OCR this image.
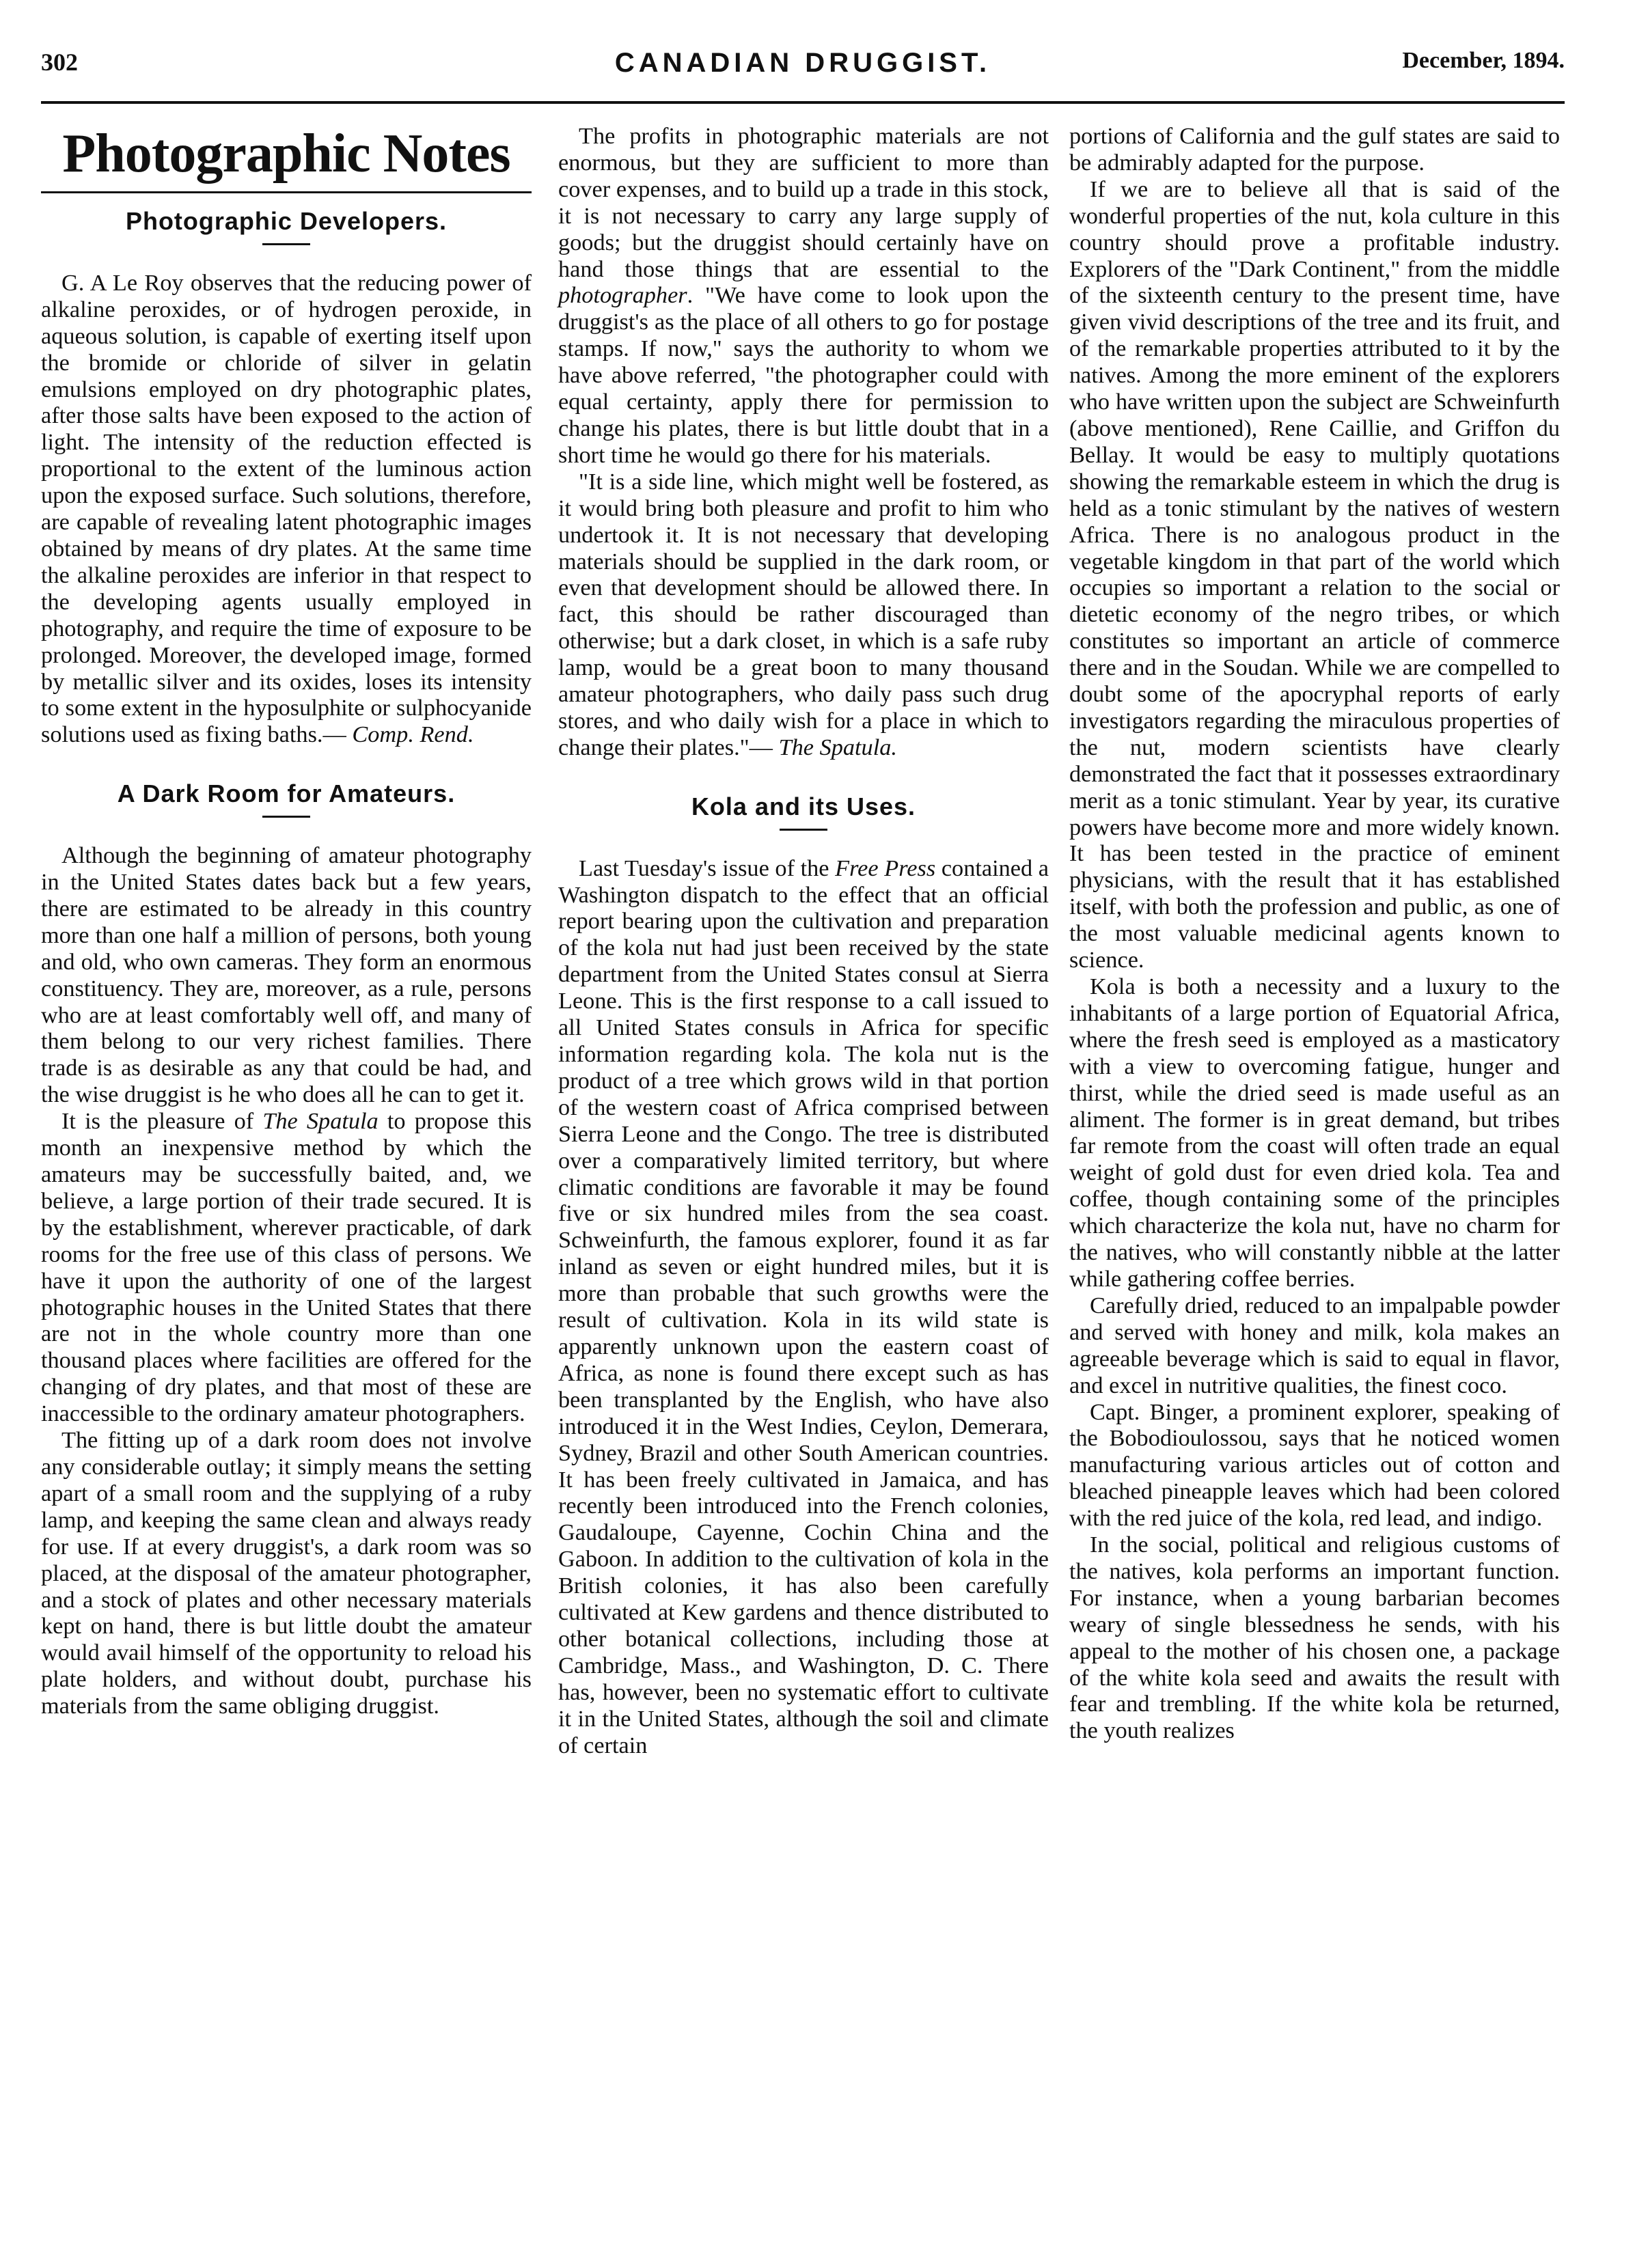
302	CANADIAN DRUGGIST.	December, 1894.
Photographic Notes
Photographic Developers.

G. A Le Roy observes that the reducing power of alkaline peroxides, or of hydrogen peroxide, in aqueous solution, is capable of exerting itself upon the bromide or chloride of silver in gelatin emulsions employed on dry photographic plates, after those salts have been exposed to the action of light. The intensity of the reduction effected is proportional to the extent of the luminous action upon the exposed surface. Such solutions, therefore, are capable of revealing latent photographic images obtained by means of dry plates. At the same time the alkaline peroxides are inferior in that respect to the developing agents usually employed in photography, and require the time of exposure to be prolonged. Moreover, the developed image, formed by metallic silver and its oxides, loses its intensity to some extent in the hyposulphite or sulphocyanide solutions used as fixing baths.— Comp. Rend.

A Dark Room for Amateurs.

Although the beginning of amateur photography in the United States dates back but a few years, there are estimated to be already in this country more than one half a million of persons, both young and old, who own cameras. They form an enormous constituency. They are, moreover, as a rule, persons who are at least comfortably well off, and many of them belong to our very richest families. There trade is as desirable as any that could be had, and the wise druggist is he who does all he can to get it.

It is the pleasure of The Spatula to propose this month an inexpensive method by which the amateurs may be successfully baited, and, we believe, a large portion of their trade secured. It is by the establishment, wherever practicable, of dark rooms for the free use of this class of persons. We have it upon the authority of one of the largest photographic houses in the United States that there are not in the whole country more than one thousand places where facilities are offered for the changing of dry plates, and that most of these are inaccessible to the ordinary amateur photographers.

The fitting up of a dark room does not involve any considerable outlay; it simply means the setting apart of a small room and the supplying of a ruby lamp, and keeping the same clean and always ready for use. If at every druggist's, a dark room was so placed, at the disposal of the amateur photographer, and a stock of plates and other necessary materials kept on hand, there is but little doubt the amateur would avail himself of the opportunity to reload his plate holders, and without doubt, purchase his materials from the same obliging druggist.

The profits in photographic materials are not enormous, but they are sufficient to more than cover expenses, and to build up a trade in this stock, it is not necessary to carry any large supply of goods; but the druggist should certainly have on hand those things that are essential to the photographer. "We have come to look upon the druggist's as the place of all others to go for postage stamps. If now," says the authority to whom we have above referred, "the photographer could with equal certainty, apply there for permission to change his plates, there is but little doubt that in a short time he would go there for his materials.

"It is a side line, which might well be fostered, as it would bring both pleasure and profit to him who undertook it. It is not necessary that developing materials should be supplied in the dark room, or even that development should be allowed there. In fact, this should be rather discouraged than otherwise; but a dark closet, in which is a safe ruby lamp, would be a great boon to many thousand amateur photographers, who daily pass such drug stores, and who daily wish for a place in which to change their plates."— The Spatula.

Kola and its Uses.

Last Tuesday's issue of the Free Press contained a Washington dispatch to the effect that an official report bearing upon the cultivation and preparation of the kola nut had just been received by the state department from the United States consul at Sierra Leone. This is the first response to a call issued to all United States consuls in Africa for specific information regarding kola. The kola nut is the product of a tree which grows wild in that portion of the western coast of Africa comprised between Sierra Leone and the Congo. The tree is distributed over a comparatively limited territory, but where climatic conditions are favorable it may be found five or six hundred miles from the sea coast. Schweinfurth, the famous explorer, found it as far inland as seven or eight hundred miles, but it is more than probable that such growths were the result of cultivation. Kola in its wild state is apparently unknown upon the eastern coast of Africa, as none is found there except such as has been transplanted by the English, who have also introduced it in the West Indies, Ceylon, Demerara, Sydney, Brazil and other South American countries. It has been freely cultivated in Jamaica, and has recently been introduced into the French colonies, Gaudaloupe, Cayenne, Cochin China and the Gaboon. In addition to the cultivation of kola in the British colonies, it has also been carefully cultivated at Kew gardens and thence distributed to other botanical collections, including those at Cambridge, Mass., and Washington, D. C. There has, however, been no systematic effort to cultivate it in the United States, although the soil and climate of certain

portions of California and the gulf states are said to be admirably adapted for the purpose.

If we are to believe all that is said of the wonderful properties of the nut, kola culture in this country should prove a profitable industry. Explorers of the "Dark Continent," from the middle of the sixteenth century to the present time, have given vivid descriptions of the tree and its fruit, and of the remarkable properties attributed to it by the natives. Among the more eminent of the explorers who have written upon the subject are Schweinfurth (above mentioned), Rene Caillie, and Griffon du Bellay. It would be easy to multiply quotations showing the remarkable esteem in which the drug is held as a tonic stimulant by the natives of western Africa. There is no analogous product in the vegetable kingdom in that part of the world which occupies so important a relation to the social or dietetic economy of the negro tribes, or which constitutes so important an article of commerce there and in the Soudan. While we are compelled to doubt some of the apocryphal reports of early investigators regarding the miraculous properties of the nut, modern scientists have clearly demonstrated the fact that it possesses extraordinary merit as a tonic stimulant. Year by year, its curative powers have become more and more widely known. It has been tested in the practice of eminent physicians, with the result that it has established itself, with both the profession and public, as one of the most valuable medicinal agents known to science.

Kola is both a necessity and a luxury to the inhabitants of a large portion of Equatorial Africa, where the fresh seed is employed as a masticatory with a view to overcoming fatigue, hunger and thirst, while the dried seed is made useful as an aliment. The former is in great demand, but tribes far remote from the coast will often trade an equal weight of gold dust for even dried kola. Tea and coffee, though containing some of the principles which characterize the kola nut, have no charm for the natives, who will constantly nibble at the latter while gathering coffee berries.

Carefully dried, reduced to an impalpable powder and served with honey and milk, kola makes an agreeable beverage which is said to equal in flavor, and excel in nutritive qualities, the finest coco.

Capt. Binger, a prominent explorer, speaking of the Bobodioulossou, says that he noticed women manufacturing various articles out of cotton and bleached pineapple leaves which had been colored with the red juice of the kola, red lead, and indigo.

In the social, political and religious customs of the natives, kola performs an important function. For instance, when a young barbarian becomes weary of single blessedness he sends, with his appeal to the mother of his chosen one, a package of the white kola seed and awaits the result with fear and trembling. If the white kola be returned, the youth realizes
